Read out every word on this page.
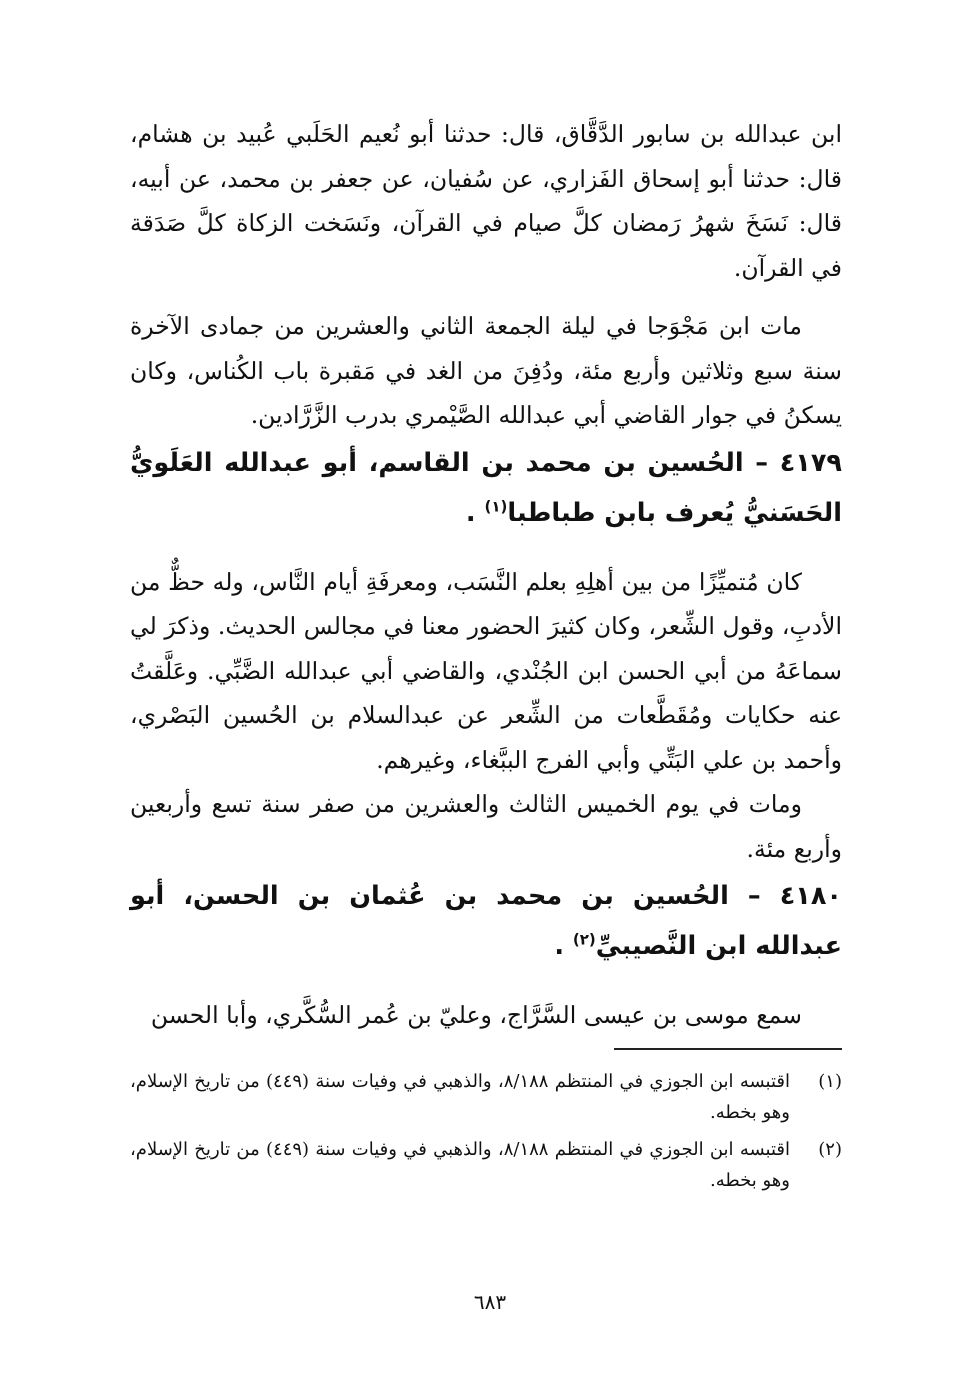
ابن عبدالله بن سابور الدَّقَّاق، قال: حدثنا أبو نُعيم الحَلَبي عُبيد بن هشام، قال: حدثنا أبو إسحاق الفَزاري، عن سُفيان، عن جعفر بن محمد، عن أبيه، قال: نَسَخَ شهرُ رَمضان كلَّ صيام في القرآن، ونَسَخت الزكاة كلَّ صَدَقة في القرآن.

مات ابن مَجْوَجا في ليلة الجمعة الثاني والعشرين من جمادى الآخرة سنة سبع وثلاثين وأربع مئة، ودُفِنَ من الغد في مَقبرة باب الكُناس، وكان يسكنُ في جوار القاضي أبي عبدالله الصَّيْمري بدرب الزَّرَّادين.

٤١٧٩ – الحُسين بن محمد بن القاسم، أبو عبدالله العَلَويُّ الحَسَنيُّ يُعرف بابن طباطبا$^{(١)}$ .

كان مُتميِّزًا من بين أهلِهِ بعلم النَّسَب، ومعرفَةِ أيام النَّاس، وله حظٌّ من الأدبِ، وقول الشِّعر، وكان كثيرَ الحضور معنا في مجالس الحديث. وذكرَ لي سماعَهُ من أبي الحسن ابن الجُنْدي، والقاضي أبي عبدالله الضَّبِّي. وعَلَّقتُ عنه حكايات ومُقَطَّعات من الشِّعر عن عبدالسلام بن الحُسين البَصْري، وأحمد بن علي البَتِّي وأبي الفرج الببَّغاء، وغيرهم.

ومات في يوم الخميس الثالث والعشرين من صفر سنة تسع وأربعين وأربع مئة.

٤١٨٠ – الحُسين بن محمد بن عُثمان بن الحسن، أبو عبدالله ابن النَّصيبيِّ$^{(٢)}$ .

سمع موسى بن عيسى السَّرَّاج، وعليّ بن عُمر السُّكَّري، وأبا الحسن

(١)
اقتبسه ابن الجوزي في المنتظم ٨/١٨٨، والذهبي في وفيات سنة (٤٤٩) من تاريخ الإسلام، وهو بخطه.

(٢)
اقتبسه ابن الجوزي في المنتظم ٨/١٨٨، والذهبي في وفيات سنة (٤٤٩) من تاريخ الإسلام، وهو بخطه.

٦٨٣
